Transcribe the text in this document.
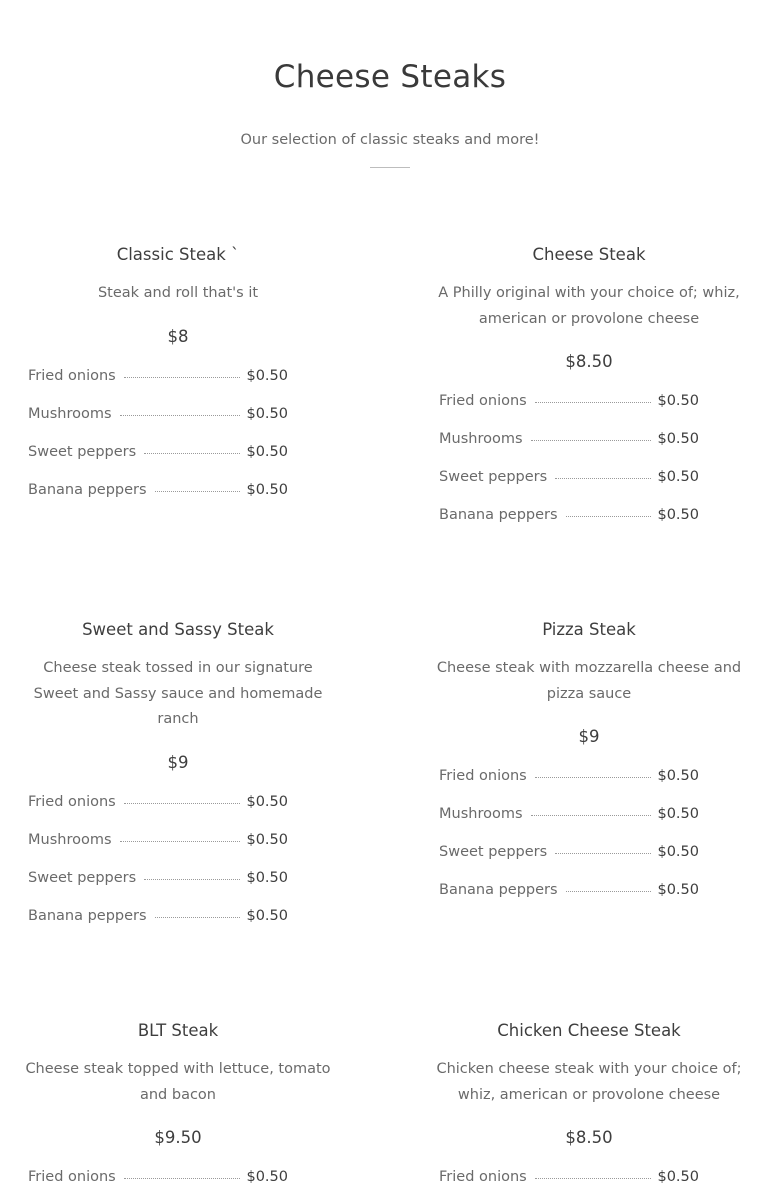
Cheese Steaks

Our selection of classic steaks and more!

Classic Steak `

Steak and roll that's it

$8

Fried onions	$0.50
Mushrooms	$0.50
Sweet peppers	$0.50
Banana peppers	$0.50
Cheese Steak

A Philly original with your choice of; whiz, american or provolone cheese

$8.50

Fried onions	$0.50
Mushrooms	$0.50
Sweet peppers	$0.50
Banana peppers	$0.50
Sweet and Sassy Steak

Cheese steak tossed in our signature Sweet and Sassy sauce and homemade ranch

$9

Fried onions	$0.50
Mushrooms	$0.50
Sweet peppers	$0.50
Banana peppers	$0.50
Pizza Steak

Cheese steak with mozzarella cheese and pizza sauce

$9

Fried onions	$0.50
Mushrooms	$0.50
Sweet peppers	$0.50
Banana peppers	$0.50
BLT Steak

Cheese steak topped with lettuce, tomato and bacon

$9.50

Fried onions	$0.50
Chicken Cheese Steak

Chicken cheese steak with your choice of; whiz, american or provolone cheese

$8.50

Fried onions	$0.50
